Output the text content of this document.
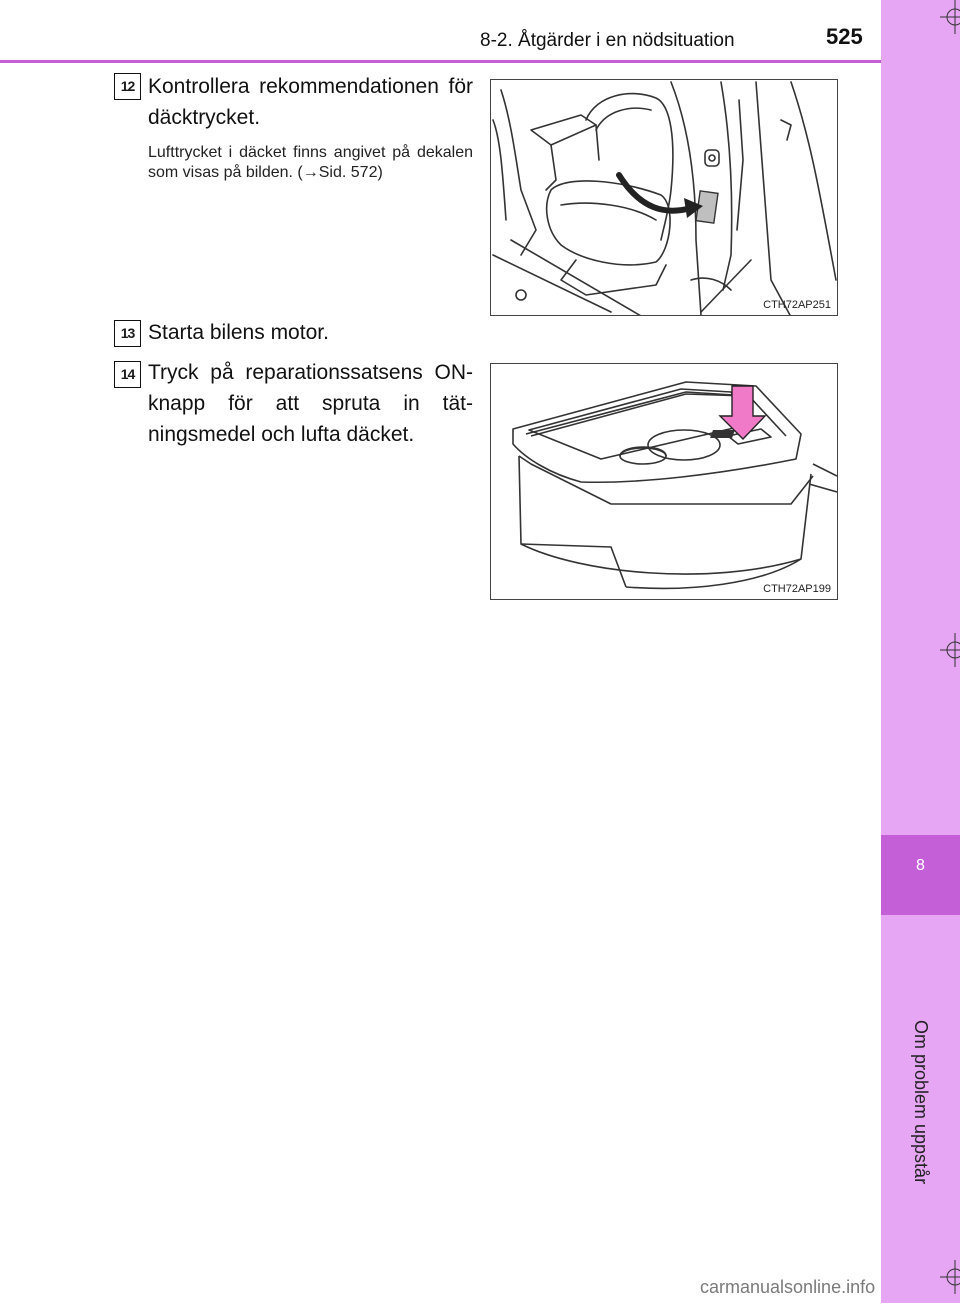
8-2. Åtgärder i en nödsituation	525
8
Om problem uppstår
12 Kontrollera rekommendationen för däcktrycket.
Lufttrycket i däcket finns angivet på dekalen som visas på bilden. (→Sid. 572)
13 Starta bilens motor.
14 Tryck på reparationssatsens ON-knapp för att spruta in tät-ningsmedel och lufta däcket.
CTH72AP251
CTH72AP199
carmanualsonline.info
